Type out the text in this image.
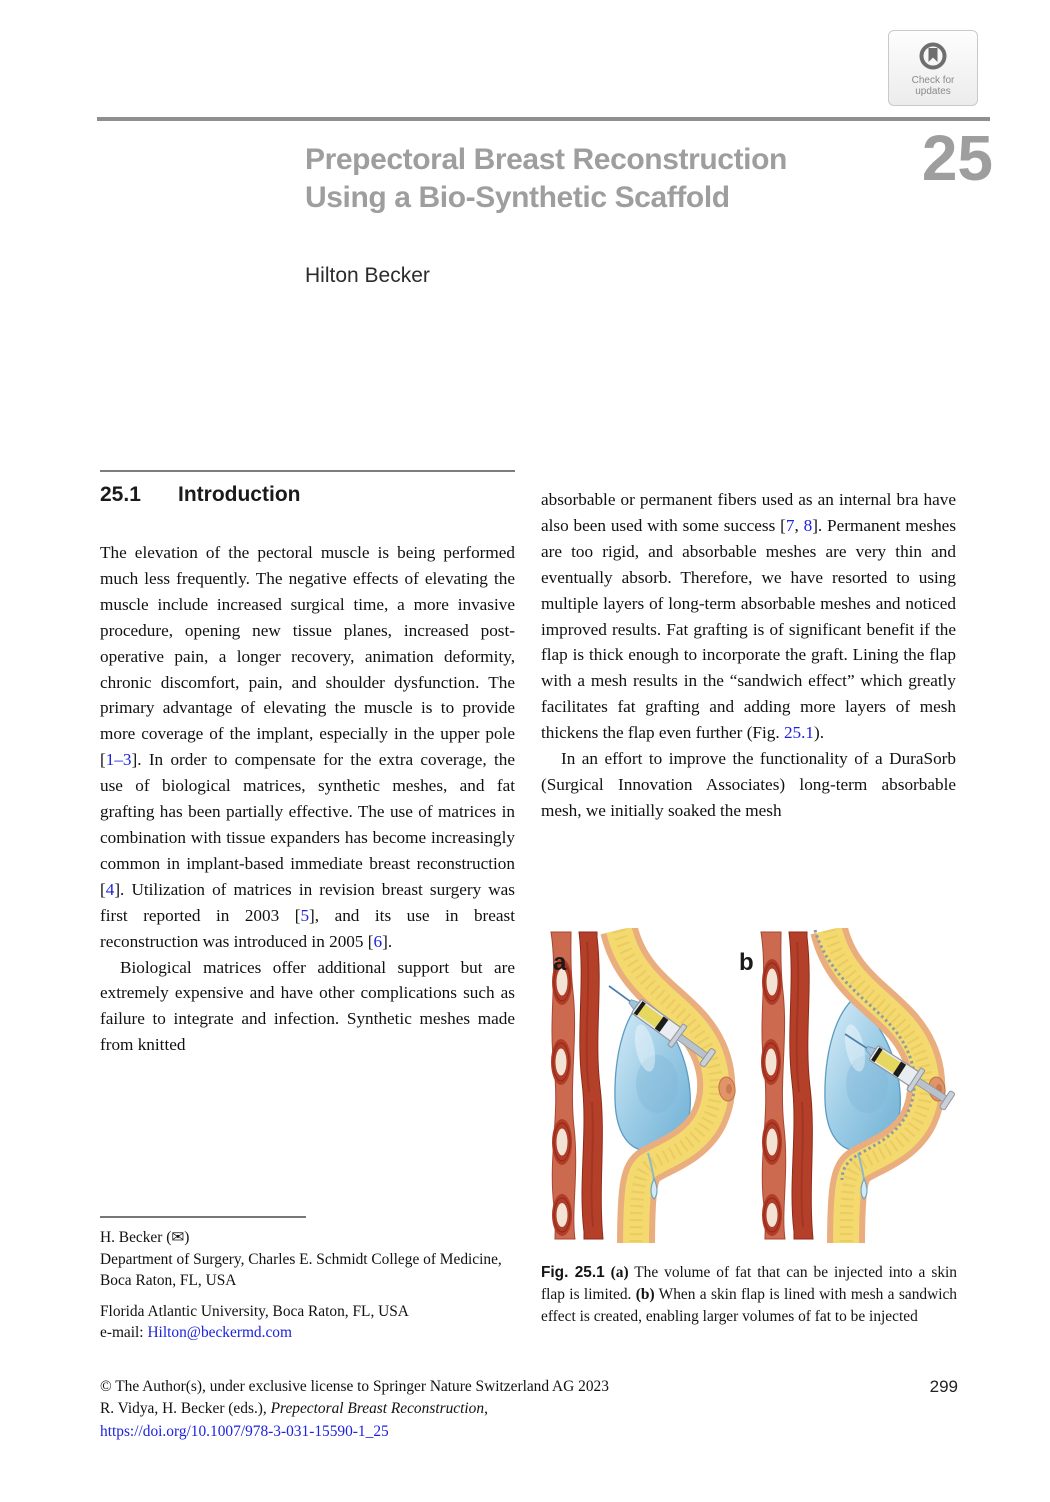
Check for updates
Prepectoral Breast Reconstruction
Using a Bio-Synthetic Scaffold
25
Hilton Becker
25.1 Introduction

The elevation of the pectoral muscle is being performed much less frequently. The negative effects of elevating the muscle include increased surgical time, a more invasive procedure, opening new tissue planes, increased post-operative pain, a longer recovery, animation deformity, chronic discomfort, pain, and shoulder dysfunction. The primary advantage of elevating the muscle is to provide more coverage of the implant, especially in the upper pole [1–3]. In order to compensate for the extra coverage, the use of biological matrices, synthetic meshes, and fat grafting has been partially effective. The use of matrices in combination with tissue expanders has become increasingly common in implant-based immediate breast reconstruction [4]. Utilization of matrices in revision breast surgery was first reported in 2003 [5], and its use in breast reconstruction was introduced in 2005 [6].

Biological matrices offer additional support but are extremely expensive and have other complications such as failure to integrate and infection. Synthetic meshes made from knitted

absorbable or permanent fibers used as an internal bra have also been used with some success [7, 8]. Permanent meshes are too rigid, and absorbable meshes are very thin and eventually absorb. Therefore, we have resorted to using multiple layers of long-term absorbable meshes and noticed improved results. Fat grafting is of significant benefit if the flap is thick enough to incorporate the graft. Lining the flap with a mesh results in the “sandwich effect” which greatly facilitates fat grafting and adding more layers of mesh thickens the flap even further (Fig. 25.1).

In an effort to improve the functionality of a DuraSorb (Surgical Innovation Associates) long-term absorbable mesh, we initially soaked the mesh

a	b
Fig. 25.1 (a) The volume of fat that can be injected into a skin flap is limited. (b) When a skin flap is lined with mesh a sandwich effect is created, enabling larger volumes of fat to be injected

H. Becker (✉)

Department of Surgery, Charles E. Schmidt College of Medicine, Boca Raton, FL, USA

Florida Atlantic University, Boca Raton, FL, USA

e-mail: Hilton@beckermd.com

© The Author(s), under exclusive license to Springer Nature Switzerland AG 2023

R. Vidya, H. Becker (eds.), Prepectoral Breast Reconstruction,

https://doi.org/10.1007/978-3-031-15590-1_25

299
